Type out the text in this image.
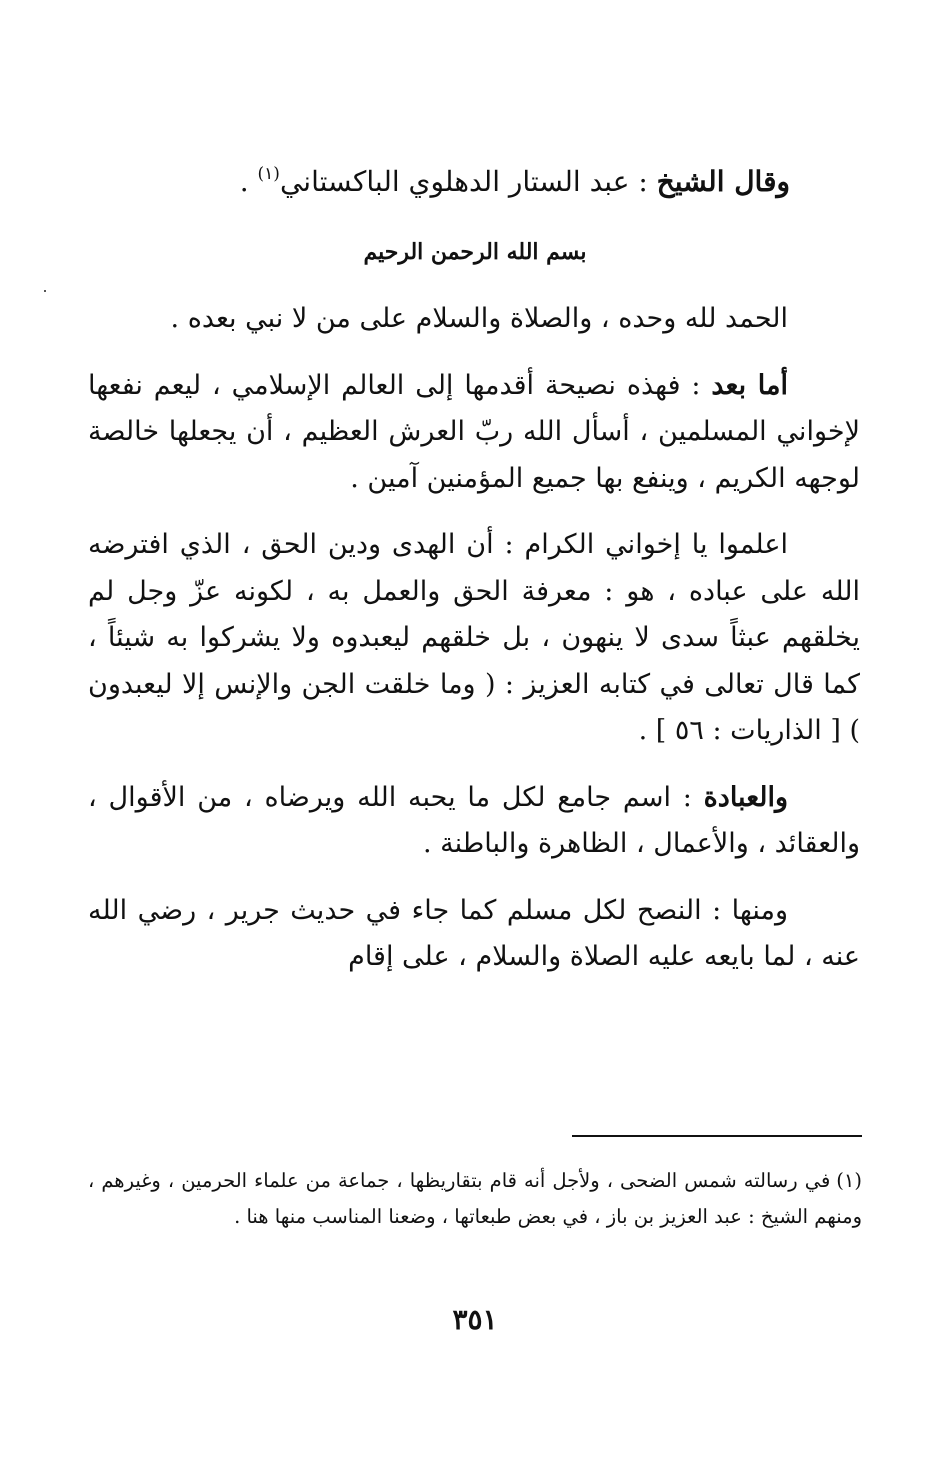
وقال الشيخ : عبد الستار الدهلوي الباكستاني$^{(١)}$ .
بسم الله الرحمن الرحيم

الحمد لله وحده ، والصلاة والسلام على من لا نبي بعده .

أما بعد : فهذه نصيحة أقدمها إلى العالم الإسلامي ، ليعم نفعها لإخواني المسلمين ، أسأل الله ربّ العرش العظيم ، أن يجعلها خالصة لوجهه الكريم ، وينفع بها جميع المؤمنين آمين .

اعلموا يا إخواني الكرام : أن الهدى ودين الحق ، الذي افترضه الله على عباده ، هو : معرفة الحق والعمل به ، لكونه عزّ وجل لم يخلقهم عبثاً سدى لا ينهون ، بل خلقهم ليعبدوه ولا يشركوا به شيئاً ، كما قال تعالى في كتابه العزيز : ( وما خلقت الجن والإنس إلا ليعبدون ) [ الذاريات : ٥٦ ] .

والعبادة : اسم جامع لكل ما يحبه الله ويرضاه ، من الأقوال ، والعقائد ، والأعمال ، الظاهرة والباطنة .

ومنها : النصح لكل مسلم كما جاء في حديث جرير ، رضي الله عنه ، لما بايعه عليه الصلاة والسلام ، على إقام

(١)في رسالته شمس الضحى ، ولأجل أنه قام بتقاريظها ، جماعة من علماء الحرمين ، وغيرهم ، ومنهم الشيخ : عبد العزيز بن باز ، في بعض طبعاتها ، وضعنا المناسب منها هنا .
٣٥١
